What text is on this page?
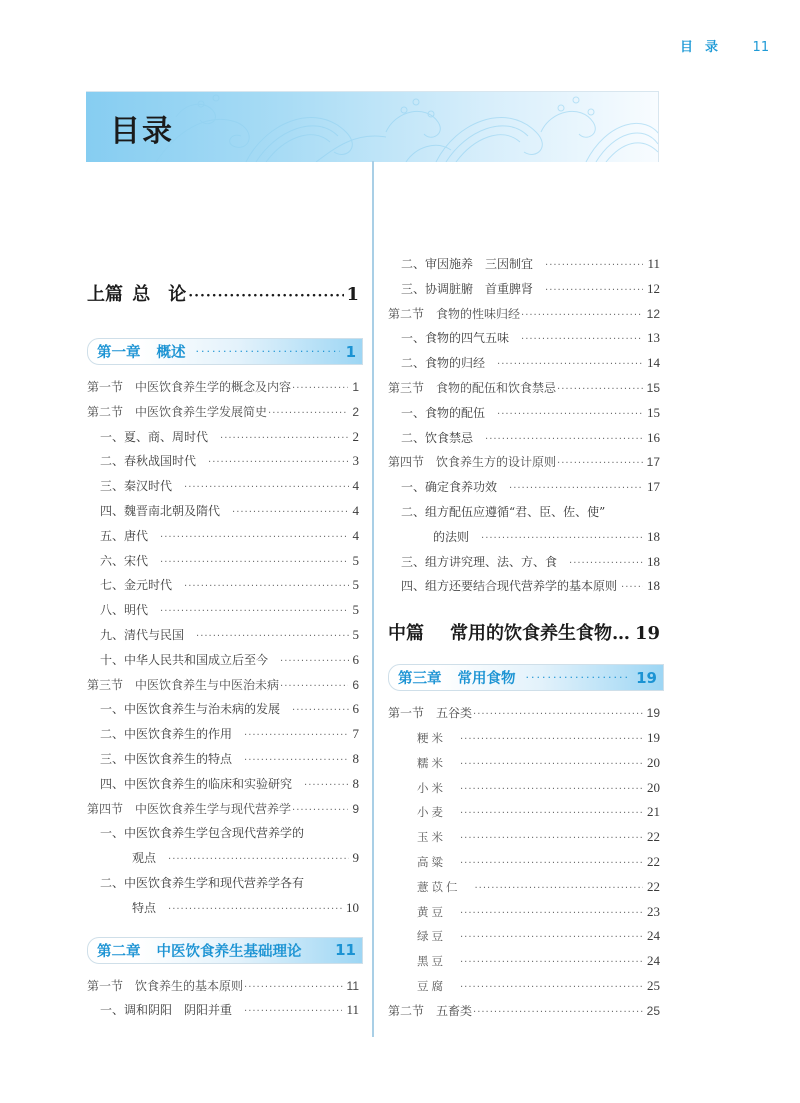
目录 11
目录
上篇 总　论 ·····	1
第一章 概述 ·····	1
第一节　中医饮食养生学的概念及内容 ·····	1
第二节　中医饮食养生学发展简史 ·····	2
一、夏、商、周时代 ·····	2
二、春秋战国时代 ·····	3
三、秦汉时代 ·····	4
四、魏晋南北朝及隋代 ·····	4
五、唐代 ·····	4
六、宋代 ·····	5
七、金元时代 ·····	5
八、明代 ·····	5
九、清代与民国 ·····	5
十、中华人民共和国成立后至今 ·····	6
第三节　中医饮食养生与中医治未病 ·····	6
一、中医饮食养生与治未病的发展 ·····	6
二、中医饮食养生的作用 ·····	7
三、中医饮食养生的特点 ·····	8
四、中医饮食养生的临床和实验研究 ·····	8
第四节　中医饮食养生学与现代营养学 ·····	9
一、中医饮食养生学包含现代营养学的
观点 ·····	9
二、中医饮食养生学和现代营养学各有
特点 ·····	10
第二章 中医饮食养生基础理论 11
第一节　饮食养生的基本原则 ·····	11
一、调和阴阳　阴阳并重 ·····	11
二、审因施养　三因制宜 ·····	11
三、协调脏腑　首重脾肾 ·····	12
第二节　食物的性味归经 ·····	12
一、食物的四气五味 ·····	13
二、食物的归经 ·····	14
第三节　食物的配伍和饮食禁忌 ·····	15
一、食物的配伍 ·····	15
二、饮食禁忌 ·····	16
第四节　饮食养生方的设计原则 ·····	17
一、确定食养功效 ·····	17
二、组方配伍应遵循“君、臣、佐、使”
的法则 ·····	18
三、组方讲究理、法、方、食 ·····	18
四、组方还要结合现代营养学的基本原则 ····· 18
中篇 常用的饮食养生食物… 19
第三章 常用食物 ·····	19
第一节　五谷类 ·····	19
粳米 ·····	19
糯米 ·····	20
小米 ·····	20
小麦 ·····	21
玉米 ·····	22
高粱 ·····	22
薏苡仁 ·····	22
黄豆 ·····	23
绿豆 ·····	24
黑豆 ·····	24
豆腐 ·····	25
第二节　五畜类 ·····	25
